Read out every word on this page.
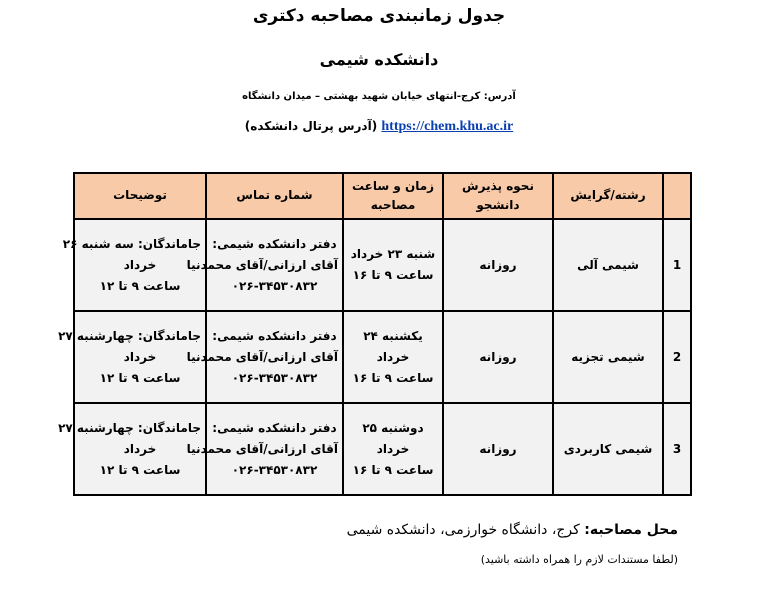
جدول زمانبندی مصاحبه دکتری
دانشکده شیمی
آدرس: کرج-انتهای خیابان شهید بهشتی – میدان دانشگاه
https://chem.khu.ac.ir (آدرس پرتال دانشکده)
	رشته/گرایش	نحوه پذیرش دانشجو	زمان و ساعت
مصاحبه	شماره تماس	توضیحات
1	شیمی آلی	روزانه	شنبه ۲۳ خرداد
ساعت ۹ تا ۱۶	دفتر دانشکده شیمی:
آقای ارزانی/آقای محمدنیا
۰۲۶-۳۴۵۳۰۸۳۲	جاماندگان: سه شنبه ۲۶
خرداد
ساعت ۹ تا ۱۲

2	شیمی تجزیه	روزانه	یکشنبه ۲۴
خرداد
ساعت ۹ تا ۱۶	دفتر دانشکده شیمی:
آقای ارزانی/آقای محمدنیا
۰۲۶-۳۴۵۳۰۸۳۲	جاماندگان: چهارشنبه ۲۷
خرداد
ساعت ۹ تا ۱۲

3	شیمی کاربردی	روزانه	دوشنبه ۲۵
خرداد
ساعت ۹ تا ۱۶	دفتر دانشکده شیمی:
آقای ارزانی/آقای محمدنیا
۰۲۶-۳۴۵۳۰۸۳۲	جاماندگان: چهارشنبه ۲۷
خرداد
ساعت ۹ تا ۱۲
محل مصاحبه: کرج، دانشگاه خوارزمی، دانشکده شیمی
(لطفا مستندات لازم را همراه داشته باشید)
